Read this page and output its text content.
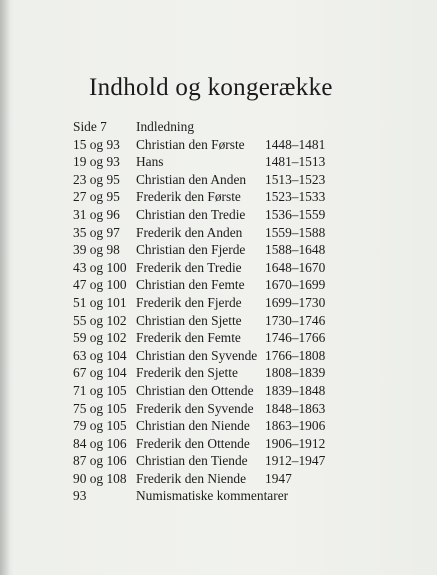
Indhold og kongerække
Side 7 Indledning
15 og 93 Christian den Første 1448–1481
19 og 93 Hans	1481–1513
23 og 95 Christian den Anden 1513–1523
27 og 95 Frederik den Første 1523–1533
31 og 96 Christian den Tredie 1536–1559
35 og 97 Frederik den Anden 1559–1588
39 og 98 Christian den Fjerde 1588–1648
43 og 100 Frederik den Tredie 1648–1670
47 og 100 Christian den Femte 1670–1699
51 og 101 Frederik den Fjerde 1699–1730
55 og 102 Christian den Sjette 1730–1746
59 og 102 Frederik den Femte 1746–1766
63 og 104 Christian den Syvende 1766–1808
67 og 104 Frederik den Sjette 1808–1839
71 og 105 Christian den Ottende 1839–1848
75 og 105 Frederik den Syvende 1848–1863
79 og 105 Christian den Niende 1863–1906
84 og 106 Frederik den Ottende 1906–1912
87 og 106 Christian den Tiende 1912–1947
90 og 108 Frederik den Niende 1947
93	Numismatiske kommentarer
